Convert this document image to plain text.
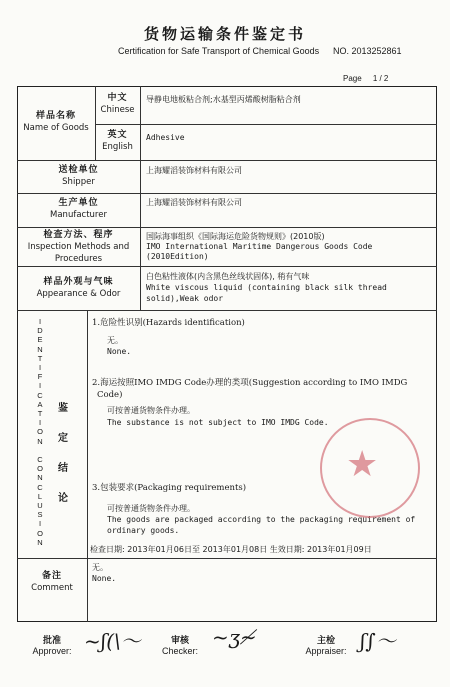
货物运输条件鉴定书
Certification for Safe Transport of Chemical Goods NO. 2013252861
Page 1 / 2
样品名称
Name of Goods
中文
Chinese
导静电地板粘合剂;水基型丙烯酸树脂粘合剂
英文
English
Adhesive
送检单位
Shipper
上海耀滔装饰材料有限公司
生产单位
Manufacturer
上海耀滔装饰材料有限公司
检查方法、程序
Inspection Methods and
Procedures
国际海事组织《国际海运危险货物规则》(2010版)
IMO International Maritime Dangerous Goods Code
(2010Edition)
样品外观与气味
Appearance & Odor
白色粘性液体(内含黑色丝线状固体), 稍有气味
White viscous liquid (containing black silk thread
solid),Weak odor
I
D
E
N
T
I
F
I
C
A
T
I
O
N

C
O
N
C
L
U
S
I
O
N
鉴
定
结
论
1.危险性识别(Hazards identification)
无。
None.
2.海运按照IMO IMDG Code办理的类项(Suggestion according to IMO IMDG
Code)
可按普通货物条件办理。
The substance is not subject to IMO IMDG Code.
3.包装要求(Packaging requirements)
可按普通货物条件办理。
The goods are packaged according to the packaging requirement of
ordinary goods.
检查日期: 2013年01月06日至 2013年01月08日 生效日期: 2013年01月09日
★
备注
Comment
无。
None.
批准
Approver: ~ʃ(\〜	审核
Checker:
~ʒ≁	主检
Appraiser: ʃ∫〜
